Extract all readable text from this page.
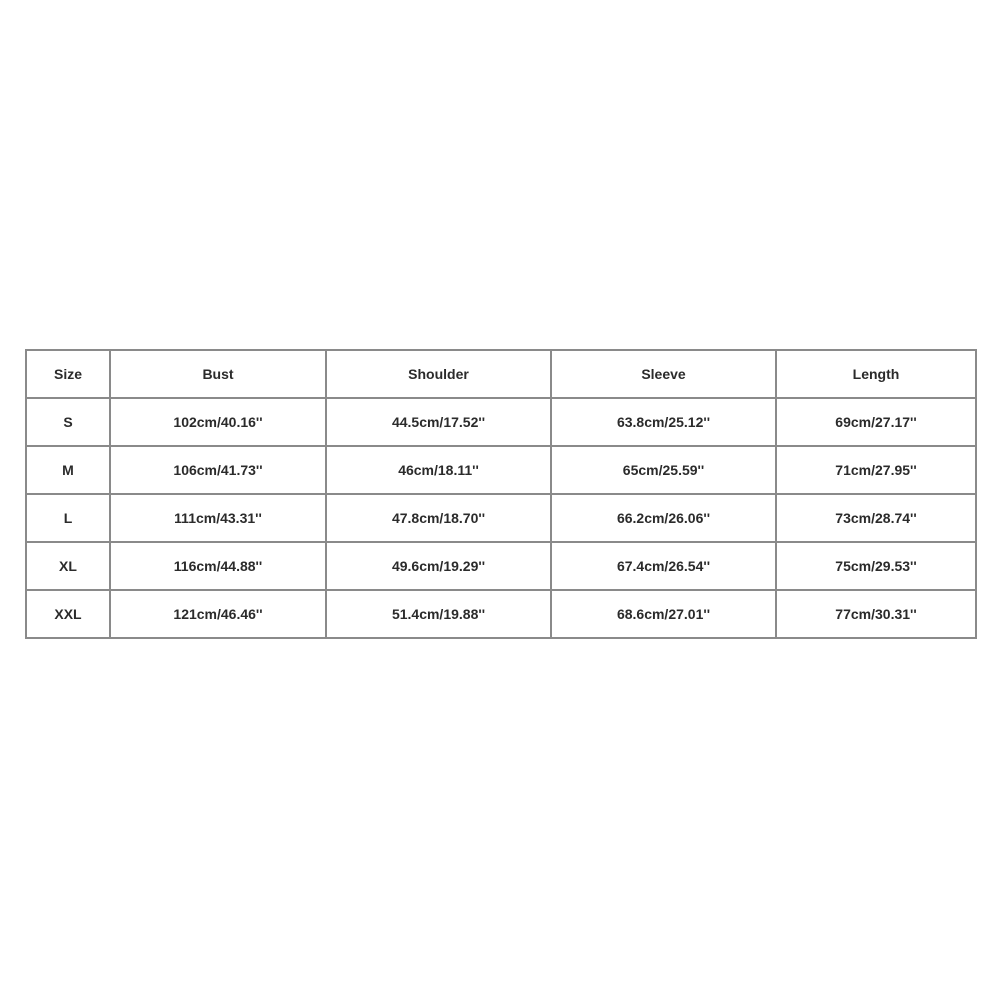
Size	Bust	Shoulder	Sleeve	Length
S	102cm/40.16''	44.5cm/17.52''	63.8cm/25.12''	69cm/27.17''
M	106cm/41.73''	46cm/18.11''	65cm/25.59''	71cm/27.95''
L	111cm/43.31''	47.8cm/18.70''	66.2cm/26.06''	73cm/28.74''
XL	116cm/44.88''	49.6cm/19.29''	67.4cm/26.54''	75cm/29.53''
XXL	121cm/46.46''	51.4cm/19.88''	68.6cm/27.01''	77cm/30.31''
